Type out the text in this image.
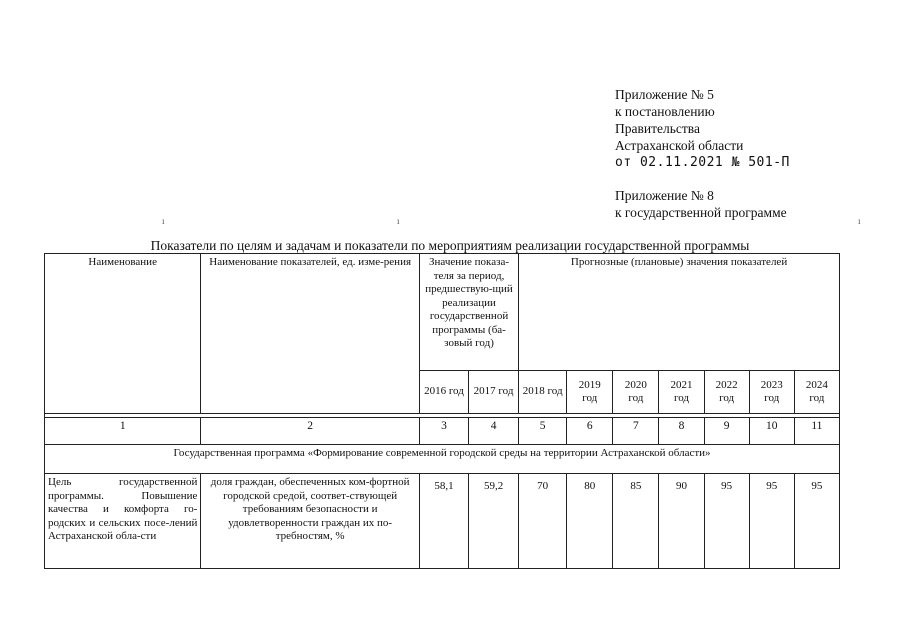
Приложение № 5
к постановлению
Правительства
Астраханской области
от 02.11.2021 № 501-П
Приложение № 8
к государственной программе
ı	ı	ı
Показатели по целям и задачам и показатели по мероприятиям реализации государственной программы
Наименование	Наименование показателей, ед. изме-рения	Значение показа-теля за период, предшествую-щий реализации государственной программы (ба-зовый год)		Прогнозные (плановые) значения показателей						
		2016 год	2017 год	2018 год	2019 год	2020 год	2021 год	2022 год	2023 год	2024 год

1	2	3	4	5	6	7	8	9	10	11
Государственная программа «Формирование современной городской среды на территории Астраханской области»										
Цель государственной программы. Повышение качества и комфорта го-родских и сельских посе-лений Астраханской обла-сти	доля граждан, обеспеченных ком-фортной городской средой, соответ-ствующей требованиям безопасности и удовлетворенности граждан их по-требностям, %	58,1	59,2	70	80	85	90	95	95	95
